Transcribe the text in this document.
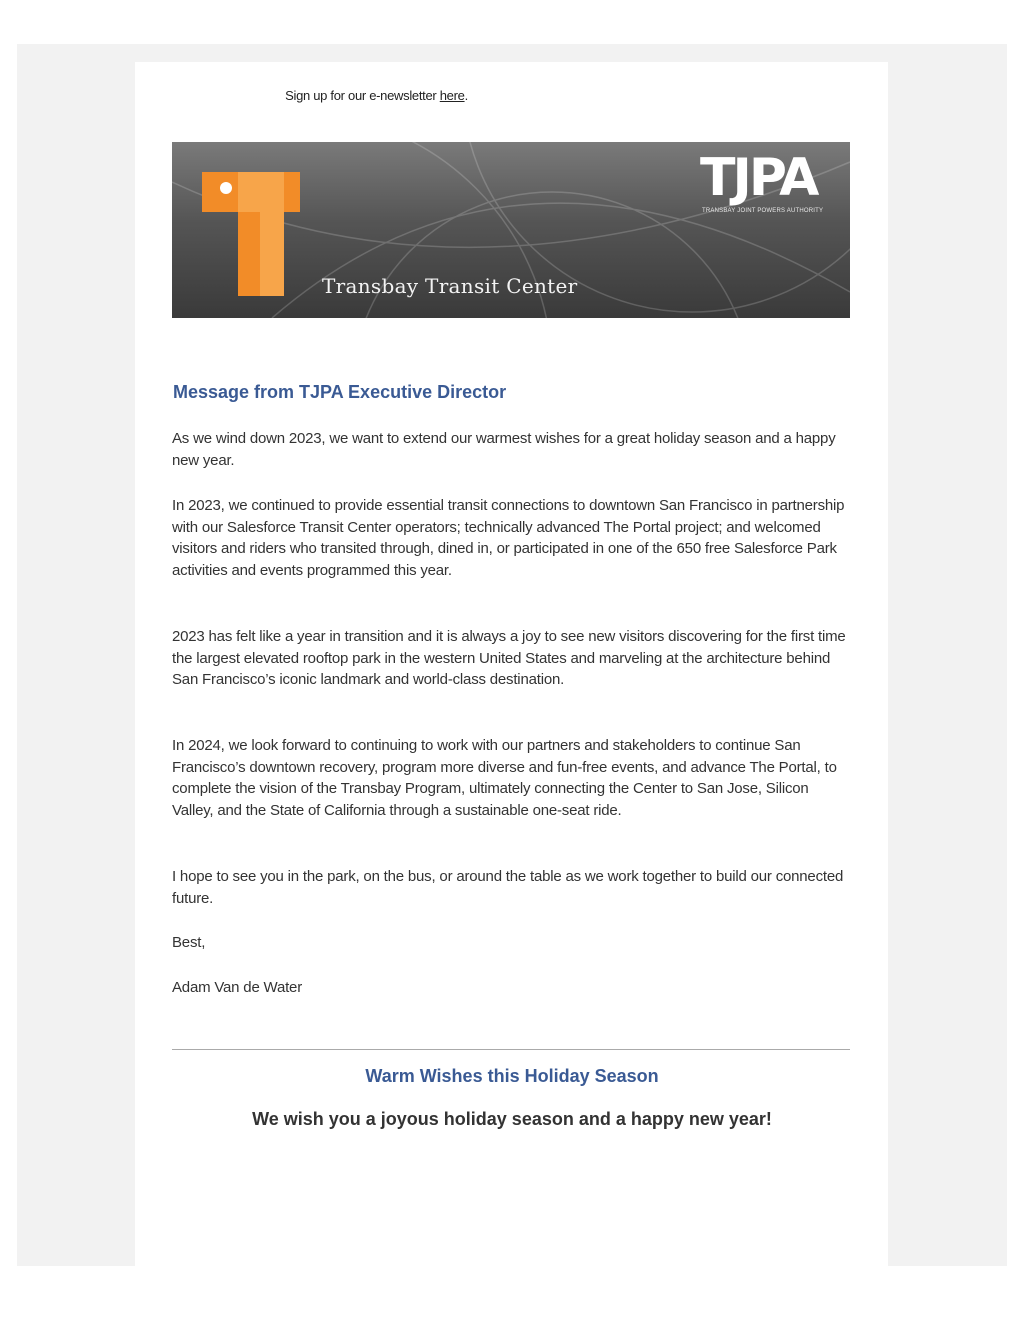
Sign up for our e-newsletter here.
Transbay Transit Center
TJPA
TRANSBAY JOINT POWERS AUTHORITY
Message from TJPA Executive Director

As we wind down 2023, we want to extend our warmest wishes for a great holiday season and a happy new year.

In 2023, we continued to provide essential transit connections to downtown San Francisco in partnership with our Salesforce Transit Center operators; technically advanced The Portal project; and welcomed visitors and riders who transited through, dined in, or participated in one of the 650 free Salesforce Park activities and events programmed this year.

2023 has felt like a year in transition and it is always a joy to see new visitors discovering for the first time the largest elevated rooftop park in the western United States and marveling at the architecture behind San Francisco’s iconic landmark and world-class destination.

In 2024, we look forward to continuing to work with our partners and stakeholders to continue San Francisco’s downtown recovery, program more diverse and fun-free events, and advance The Portal, to complete the vision of the Transbay Program, ultimately connecting the Center to San Jose, Silicon Valley, and the State of California through a sustainable one-seat ride.

I hope to see you in the park, on the bus, or around the table as we work together to build our connected future.

Best,

Adam Van de Water

Warm Wishes this Holiday Season
We wish you a joyous holiday season and a happy new year!
